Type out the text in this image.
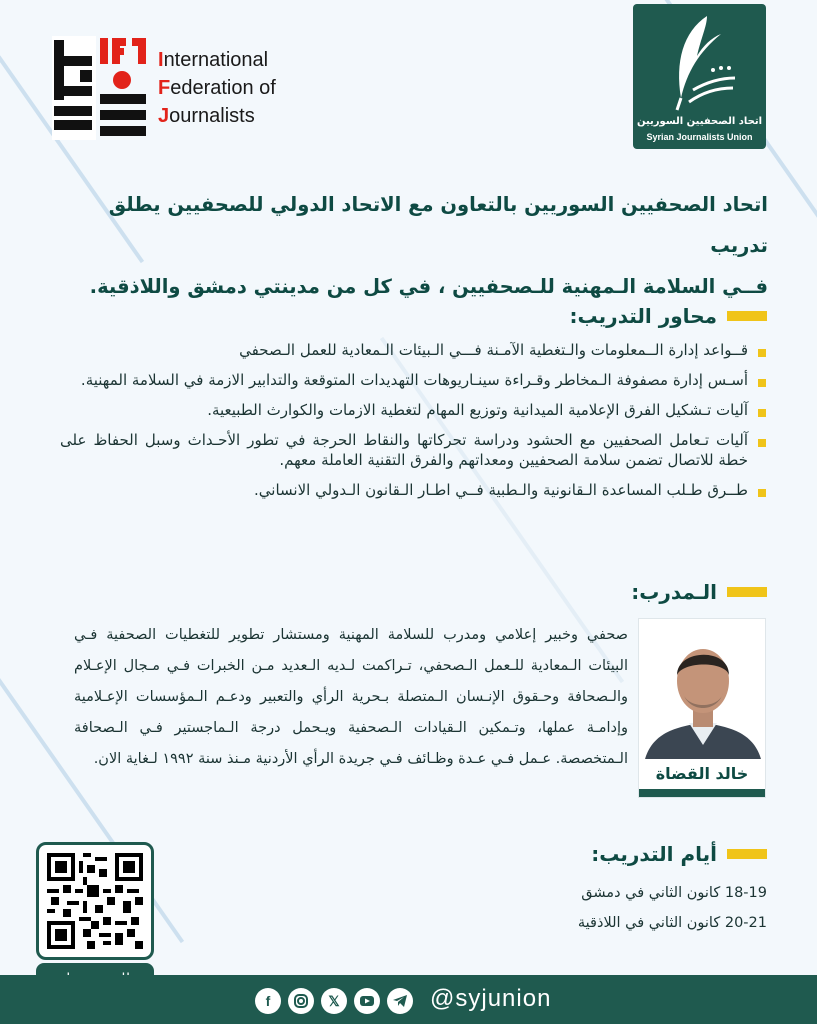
International
Federation of
Journalists	اتحاد الصحفيين السوريين
Syrian Journalists Union
اتحاد الصحفيين السوريين بالتعاون مع الاتحاد الدولي للصحفيين يطلق تدريب
فــي السلامة الـمهنية للـصحفيين ، في كل من مدينتي دمشق واللاذقية.
محاور التدريب:
قــواعد إدارة الــمعلومات والـتغطية الآمـنة فـــي الـبيئات الـمعادية للعمل الـصحفي
أسـس إدارة مصفوفة الـمخاطر وقـراءة سينـاريوهات التهديدات المتوقعة والتدابير الازمة في السلامة المهنية.
آليات تـشكيل الفرق الإعلامية الميدانية وتوزيع المهام لتغطية الازمات والكوارث الطبيعية.
آليات تـعامل الصحفيين مع الحشود ودراسة تحركاتها والنقاط الحرجة في تطور الأحـداث وسبل الحفاظ على خطة للاتصال تضمن سلامة الصحفيين ومعداتهم والفرق التقنية العاملة معهم.
طــرق طـلب المساعدة الـقانونية والـطبية فــي اطـار الـقانون الـدولي الانساني.
الـمدرب:
خالد القضاة
صحفي وخبير إعلامي ومدرب للسلامة المهنية ومستشار تطوير للتغطيات الصحفية فـي البيئات الـمعادية للـعمل الـصحفي، تـراكمت لـديه الـعديد مـن الخبرات فـي مـجال الإعـلام والـصحافة وحـقوق الإنـسان الـمتصلة بـحرية الرأي والتعبير ودعـم الـمؤسسات الإعـلامية وإدامـة عملها، وتـمكين الـقيادات الـصحفية ويـحمل درجة الـماجستير فـي الـصحافة الـمتخصصة. عـمل فـي عـدة وظـائف فـي جريدة الرأي الأردنية مـنذ سنة ١٩٩٢ لـغاية الان.
أيام التدريب:
18-19 كانون الثاني في دمشق
20-21 كانون الثاني في اللاذقية
f	𝕏	@syjunion
